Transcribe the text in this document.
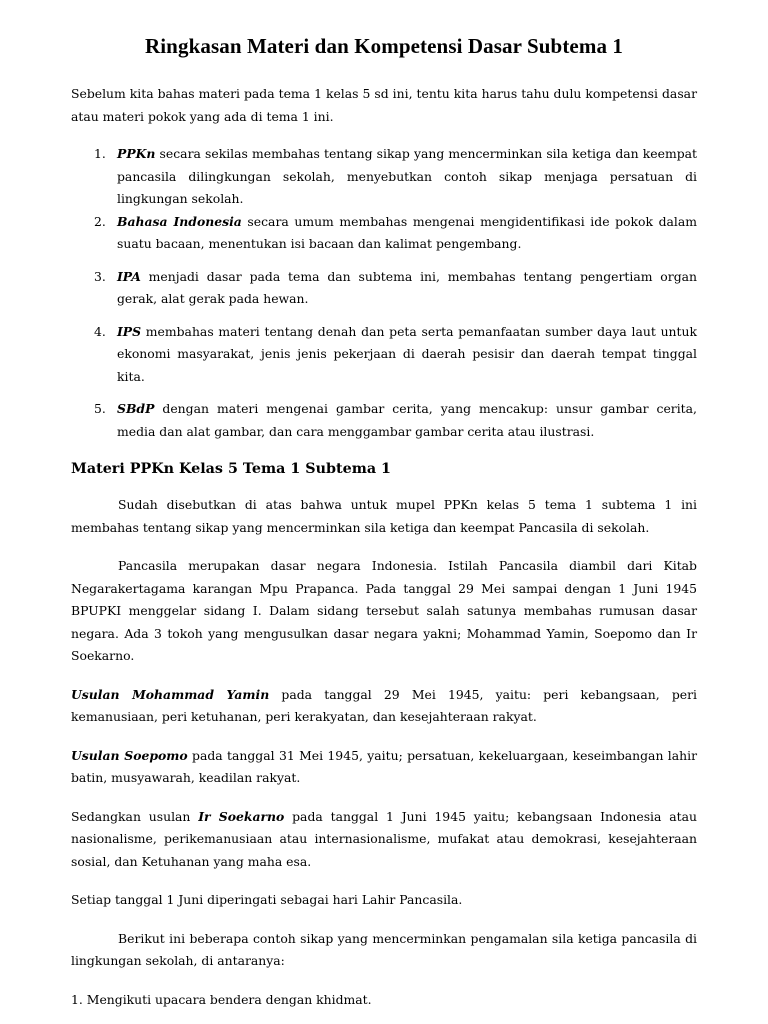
Ringkasan Materi dan Kompetensi Dasar Subtema 1

Sebelum kita bahas materi pada tema 1 kelas 5 sd ini, tentu kita harus tahu dulu kompetensi dasar atau materi pokok yang ada di tema 1 ini.

1. PPKn secara sekilas membahas tentang sikap yang mencerminkan sila ketiga dan keempat pancasila dilingkungan sekolah, menyebutkan contoh sikap menjaga persatuan di lingkungan sekolah.
2. Bahasa Indonesia secara umum membahas mengenai mengidentifikasi ide pokok dalam suatu bacaan, menentukan isi bacaan dan kalimat pengembang.
3. IPA menjadi dasar pada tema dan subtema ini, membahas tentang pengertiam organ gerak, alat gerak pada hewan.
4. IPS membahas materi tentang denah dan peta serta pemanfaatan sumber daya laut untuk ekonomi masyarakat, jenis jenis pekerjaan di daerah pesisir dan daerah tempat tinggal kita.
5. SBdP dengan materi mengenai gambar cerita, yang mencakup: unsur gambar cerita, media dan alat gambar, dan cara menggambar gambar cerita atau ilustrasi.
Materi PPKn Kelas 5 Tema 1 Subtema 1

Sudah disebutkan di atas bahwa untuk mupel PPKn kelas 5 tema 1 subtema 1 ini membahas tentang sikap yang mencerminkan sila ketiga dan keempat Pancasila di sekolah.

Pancasila merupakan dasar negara Indonesia. Istilah Pancasila diambil dari Kitab Negarakertagama karangan Mpu Prapanca. Pada tanggal 29 Mei sampai dengan 1 Juni 1945 BPUPKI menggelar sidang I. Dalam sidang tersebut salah satunya membahas rumusan dasar negara. Ada 3 tokoh yang mengusulkan dasar negara yakni; Mohammad Yamin, Soepomo dan Ir Soekarno.

Usulan Mohammad Yamin pada tanggal 29 Mei 1945, yaitu: peri kebangsaan, peri kemanusiaan, peri ketuhanan, peri kerakyatan, dan kesejahteraan rakyat.

Usulan Soepomo pada tanggal 31 Mei 1945, yaitu; persatuan, kekeluargaan, keseimbangan lahir batin, musyawarah, keadilan rakyat.

Sedangkan usulan Ir Soekarno pada tanggal 1 Juni 1945 yaitu; kebangsaan Indonesia atau nasionalisme, perikemanusiaan atau internasionalisme, mufakat atau demokrasi, kesejahteraan sosial, dan Ketuhanan yang maha esa.

Setiap tanggal 1 Juni diperingati sebagai hari Lahir Pancasila.

Berikut ini beberapa contoh sikap yang mencerminkan pengamalan sila ketiga pancasila di lingkungan sekolah, di antaranya:

1. Mengikuti upacara bendera dengan khidmat.
